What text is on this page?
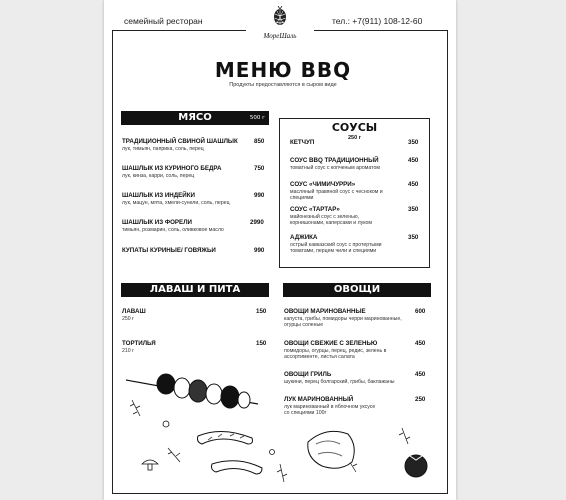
семейный ресторан	тел.: +7(911) 108-12-60
МореШаль
МЕНЮ BBQ
Продукты предоставляются в сыром виде
МЯСО	500 г
ТРАДИЦИОННЫЙ СВИНОЙ ШАШЛЫК
лук, тимьян, паприка, соль, перец
850
ШАШЛЫК ИЗ КУРИНОГО БЕДРА
лук, кинза, карри, соль, перец
750
ШАШЛЫК ИЗ ИНДЕЙКИ
лук, мацун, мята, хмели-сунели, соль, перец
990
ШАШЛЫК ИЗ ФОРЕЛИ
тимьян, розмарин, соль, оливковое масло
2990
КУПАТЫ КУРИНЫЕ/ ГОВЯЖЬИ	990
СОУСЫ
250 г
КЕТЧУП	350
СОУС BBQ ТРАДИЦИОННЫЙ
томатный соус с копченым ароматом
450
СОУС «ЧИМИЧУРРИ»
масляный травяной соус с чесноком и специями
450
СОУС «ТАРТАР»
майонезный соус с зеленью, корнишонами, каперсами и луком
350
АДЖИКА
острый кавказский соус с протертыми томатами, перцем чили и специями
350
ЛАВАШ И ПИТА
ЛАВАШ
250 г
150
ТОРТИЛЬЯ
210 г
150
ОВОЩИ
ОВОЩИ МАРИНОВАННЫЕ
капуста, грибы, помидоры черри маринованные, огурцы соленые
600
ОВОЩИ СВЕЖИЕ С ЗЕЛЕНЬЮ
помидоры, огурцы, перец, редис, зелень в ассортименте, листья салата
450
ОВОЩИ ГРИЛЬ
шукини, перец болгарский, грибы, баклажаны
450
ЛУК МАРИНОВАННЫЙ
лук маринованный в яблочном уксусе со специями 100г
250
